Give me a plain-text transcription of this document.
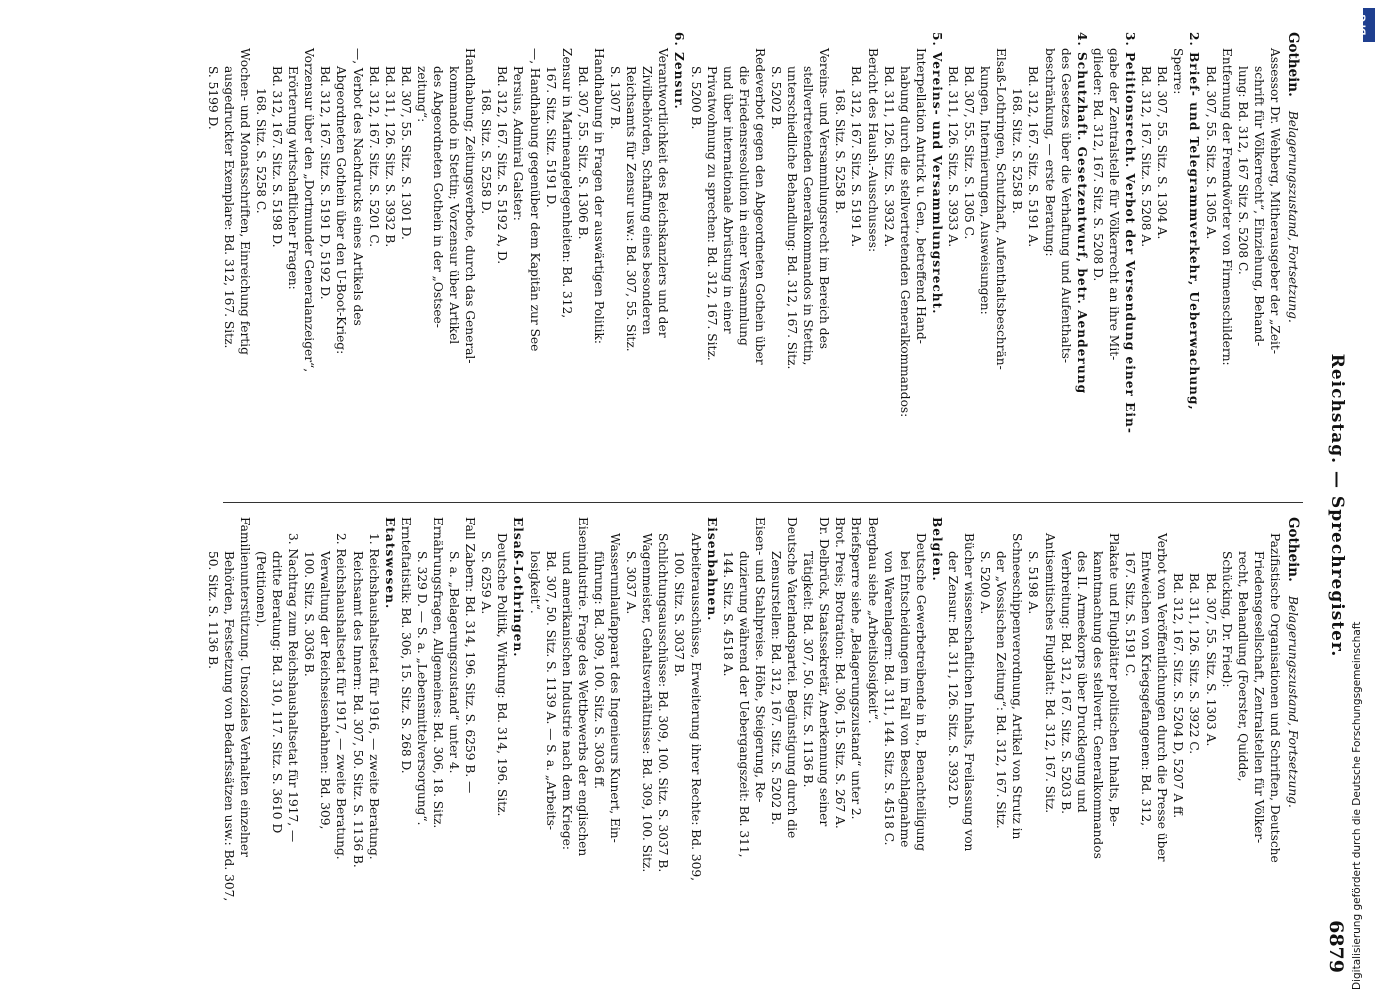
Reichstag. — Sprechregister.
6879
Gothein.
Belagerungszustand, Fortsetzung.
Assessor Dr. Wehberg, Mitherausgeber der „Zeit-
schrift für Völkerrecht“, Einziehung, Behand-
lung: Bd. 312, 167 Sitz S. 5208 C.
Entfernung der Fremdwörter von Firmenschildern:
Bd. 307, 55. Sitz. S. 1305 A.
2. Brief- und Telegrammverkehr, Ueberwachung,
Sperre:
Bd. 307, 55. Sitz. S. 1304 A.
Bd. 312, 167. Sitz. S. 5208 A.
3. Petitionsrecht. Verbot der Versendung einer Ein-
gabe der Zentralstelle für Völkerrecht an ihre Mit-
glieder: Bd. 312, 167. Sitz. S. 5208 D.
4. Schutzhaft. Gesetzentwurf, betr. Aenderung
des Gesetzes über die Verhaftung und Aufenthalts-
beschränkung, — erste Beratung:
Bd. 312, 167. Sitz. S. 5191 A.
168. Sitz. S. 5258 B.
Elsaß-Lothringen, Schutzhaft, Aufenthaltsbeschrän-
kungen, Internierungen, Ausweisungen:
Bd. 307, 55. Sitz. S. 1305 C.
Bd. 311, 126. Sitz. S. 3933 A.
5. Vereins- und Versammlungsrecht.
Interpellation Antrick u. Gen., betreffend Hand-
habung durch die stellvertretenden Generalkommandos:
Bd. 311, 126. Sitz. S. 3932 A.
Bericht des Haush.-Ausschusses:
Bd. 312, 167. Sitz. S. 5191 A.
168. Sitz. S. 5258 B.
Vereins- und Versammlungsrecht im Bereich des
stellvertretenden Generalkommandos in Stettin,
unterschiedliche Behandlung: Bd. 312, 167. Sitz.
S. 5202 B.
Redeverbot gegen den Abgeordneten Gothein über
die Friedensresolution in einer Versammlung
und über internationale Abrüstung in einer
Privatwohnung zu sprechen: Bd. 312, 167. Sitz.
S. 5200 B.
6. Zensur.
Verantwortlichkeit des Reichskanzlers und der
Zivilbehörden, Schaffung eines besonderen
Reichsamts für Zensur usw.: Bd. 307, 55. Sitz.
S. 1307 B.
Handhabung in Fragen der auswärtigen Politik:
Bd. 307, 55. Sitz. S. 1306 B.
Zensur in Marineangelegenheiten: Bd. 312,
167. Sitz. Sitz. 5191 D.
—, Handhabung gegenüber dem Kapitän zur See
Persius, Admiral Galster:
Bd. 312, 167. Sitz. S. 5192 A, D.
168. Sitz. S. 5258 D.
Handhabung; Zeitungsverbote, durch das General-
kommando in Stettin; Vorzensur über Artikel
des Abgeordneten Gothein in der „Ostsee-
zeitung“:
Bd. 307, 55. Sitz. S. 1301 D.
Bd. 311, 126. Sitz. S. 3932 B.
Bd. 312, 167. Sitz. S. 5201 C.
—, Verbot des Nachdrucks eines Artikels des
Abgeordneten Gothein über den U-Boot-Krieg:
Bd. 312, 167. Sitz. S. 5191 D, 5192 D.
Vorzensur über den „Dortmunder Generalanzeiger“,
Erörterung wirtschaftlicher Fragen:
Bd. 312, 167. Sitz. S. 5198 D.
168. Sitz. S. 5258 C.
Wochen- und Monatsschriften, Einreichung fertig
ausgedruckter Exemplare: Bd. 312, 167. Sitz.
S. 5199 D.
Gothein.
Belagerungszustand, Fortsetzung.
Pazifistische Organisationen und Schriften, Deutsche
Friedensgesellschaft, Zentralstellen für Völker-
recht, Behandlung (Foerster, Quidde,
Schücking, Dr. Fried):
Bd. 307, 55. Sitz. S. 1303 A.
Bd. 311, 126. Sitz. S. 3922 C.
Bd. 312, 167. Sitz. S. 5204 D, 5207 A ff.
Verbot von Veröffentlichungen durch die Presse über
Entweichen von Kriegsgefangenen: Bd. 312,
167. Sitz. S. 5191 C.
Plakate und Flugblätter politischen Inhalts, Be-
kanntmachung des stellvertr. Generalkommandos
des II. Armeekorps über Drucklegung und
Verbreitung: Bd. 312, 167. Sitz. S. 5203 B.
Antisemitisches Flugblatt: Bd. 312, 167. Sitz.
S. 5198 A.
Schneeschippenverordnung, Artikel von Strutz in
der „Vossischen Zeitung“: Bd. 312, 167. Sitz.
S. 5200 A.
Bücher wissenschaftlichen Inhalts, Freilassung von
der Zensur: Bd. 311, 126. Sitz. S. 3932 D.
Belgien.
Deutsche Gewerbetreibende in B., Benachteiligung
bei Entscheidungen im Fall von Beschlagnahme
von Warenlagern: Bd. 311, 144. Sitz. S. 4518 C.
Bergbau siehe „Arbeitslosigkeit“.
Briefsperre siehe „Belagerungszustand“ unter 2.
Brot. Preis; Brotration: Bd. 306, 15. Sitz. S. 267 A.
Dr. Delbrück, Staatssekretär, Anerkennung seiner
Tätigkeit: Bd. 307, 50. Sitz. S. 1136 B.
Deutsche Vaterlandspartei. Begünstigung durch die
Zensurstellen: Bd. 312, 167. Sitz. S. 5202 B.
Eisen- und Stahlpreise. Höhe, Steigerung, Re-
duzierung während der Uebergangszeit: Bd. 311,
144. Sitz. S. 4518 A.
Eisenbahnen.
Arbeiterausschüsse, Erweiterung ihrer Rechte: Bd. 309,
100. Sitz. S. 3037 B.
Schlichtungsausschüsse: Bd. 309, 100. Sitz. S. 3037 B.
Wagenmeister, Gehaltsverhältnisse: Bd. 309, 100. Sitz.
S. 3037 A.
Wasserumlaufapparat des Ingenieurs Kunert, Ein-
führung: Bd. 309, 100. Sitz. S. 3036 ff.
Eisenindustrie. Frage des Wettbewerbs der englischen
und amerikanischen Industrie nach dem Kriege:
Bd. 307, 50. Sitz. S. 1139 A. — S. a. „Arbeits-
losigkeit“.
Elsaß-Lothringen.
Deutsche Politik, Wirkung: Bd. 314, 196. Sitz.
S. 6259 A.
Fall Zabern: Bd. 314, 196. Sitz. S. 6259 B. —
S. a. „Belagerungszustand“ unter 4.
Ernährungsfragen, Allgemeines: Bd. 306, 18. Sitz.
S. 329 D. — S. a. „Lebensmittelversorgung“.
Ernteſtatistik: Bd. 306, 15. Sitz. S. 268 D.
Etatswesen.
1. Reichshaushaltsetat für 1916, — zweite Beratung.
Reichsamt des Innern: Bd. 307, 50. Sitz. S. 1136 B.
2. Reichshaushaltsetat für 1917, — zweite Beratung.
Verwaltung der Reichseisenbahnen: Bd. 309,
100. Sitz. S. 3036 B.
3. Nachtrag zum Reichshaushaltsetat für 1917, —
dritte Beratung: Bd. 310, 117. Sitz. S. 3610 D
(Petitionen).
Familienunterstützung. Unsoziales Verhalten einzelner
Behörden, Festsetzung von Bedarfssätzen usw.: Bd. 307,
50. Sitz. S. 1136 B.
Digitalisierung gefördert durch die Deutsche Forschungsgemeinschaft
DFG
